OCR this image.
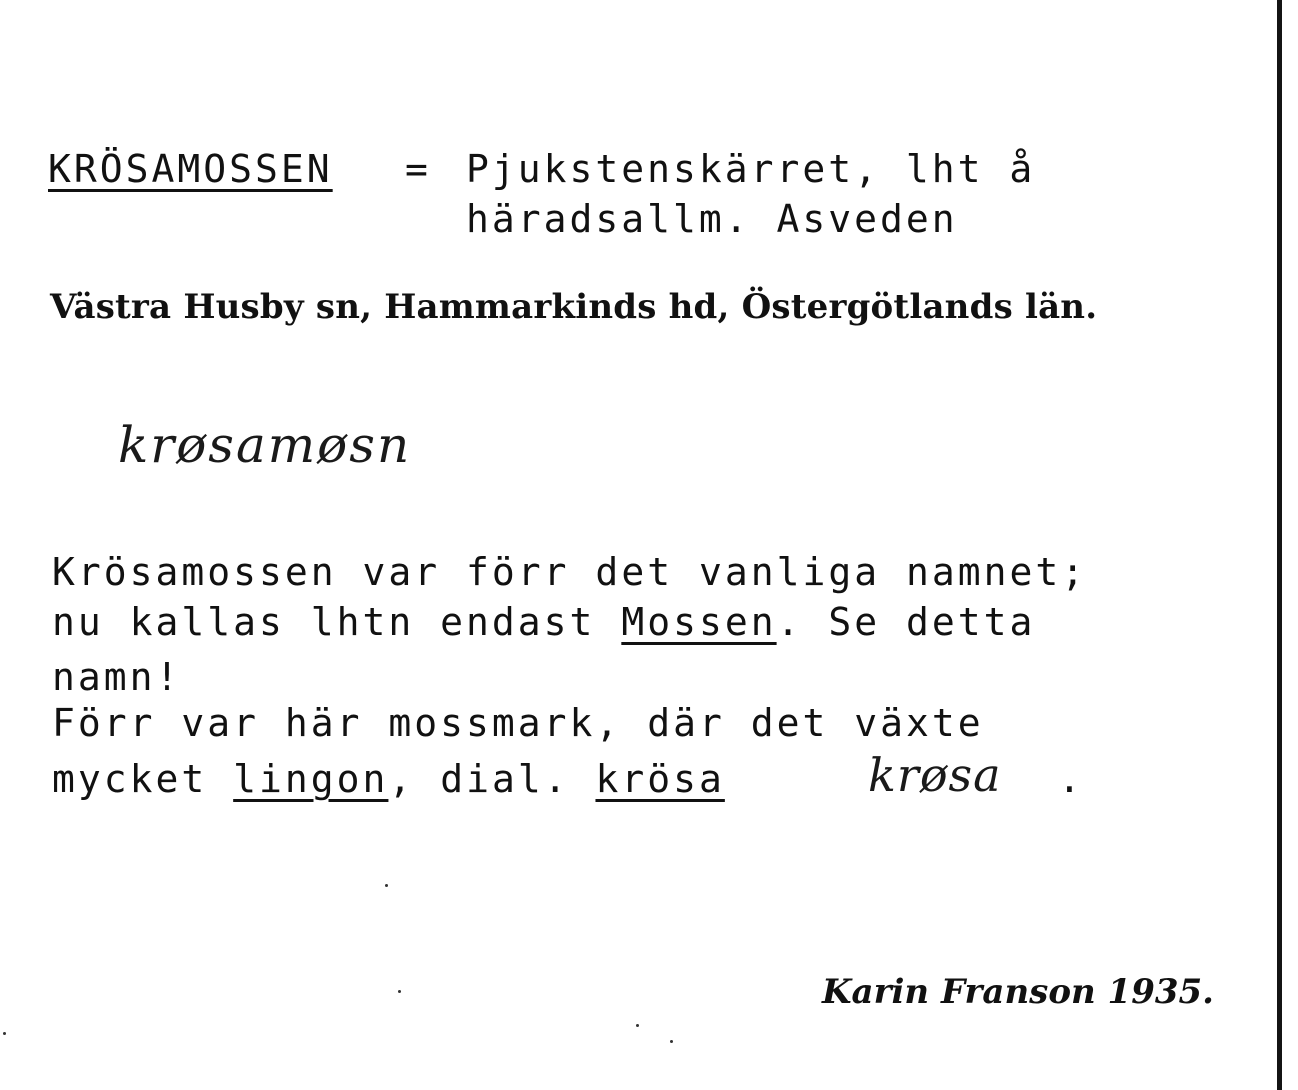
KRÖSAMOSSEN = Pjukstenskärret, lht å
häradsallm. Asveden
Västra Husby sn, Hammarkinds hd, Östergötlands län.
krøsamøsn
Krösamossen var förr det vanliga namnet;
nu kallas lhtn endast Mossen. Se detta
namn!
Förr var här mossmark, där det växte
mycket lingon, dial. krösa	krøsa .
Karin Franson 1935.
